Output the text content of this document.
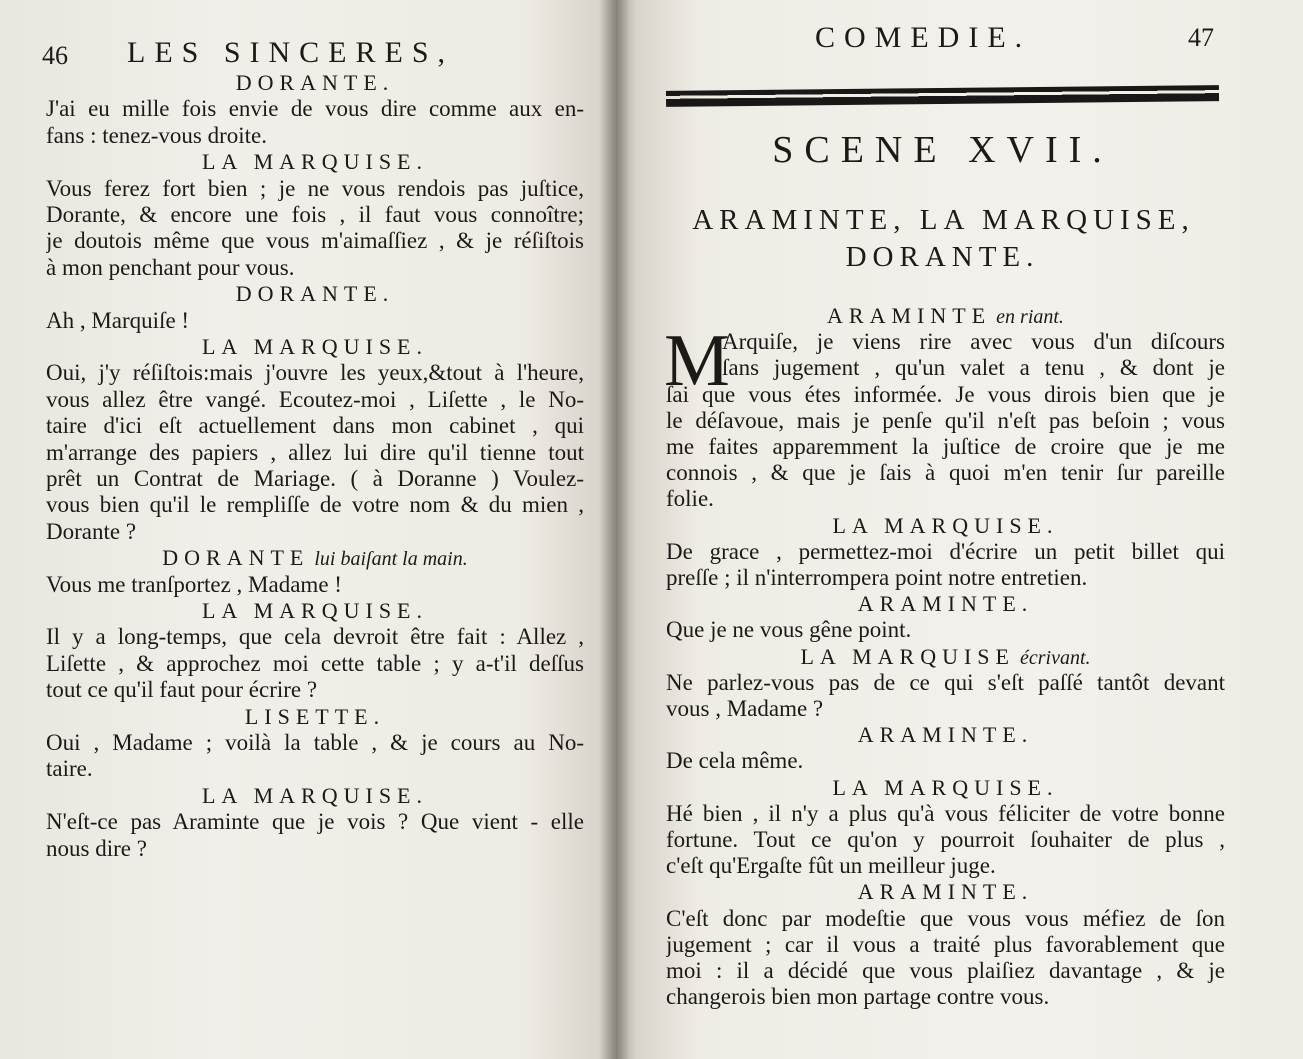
46 LES SINCERES,	COMEDIE.	47
SCENE XVII.
ARAMINTE, LA MARQUISE,
DORANTE.
M
DORANTE.
J'ai eu mille fois envie de vous dire comme aux en-
fans : tenez-vous droite.
LA MARQUISE.
Vous ferez fort bien ; je ne vous rendois pas juſtice,
Dorante, & encore une fois , il faut vous connoître;
je doutois même que vous m'aimaſſiez , & je réſiſtois
à mon penchant pour vous.
DORANTE.
Ah , Marquiſe !
LA MARQUISE.
Oui, j'y réſiſtois:mais j'ouvre les yeux,&tout à l'heure,
vous allez être vangé. Ecoutez-moi , Liſette , le No-
taire d'ici eſt actuellement dans mon cabinet , qui
m'arrange des papiers , allez lui dire qu'il tienne tout
prêt un Contrat de Mariage. ( à Doranne ) Voulez-
vous bien qu'il le rempliſſe de votre nom & du mien ,
Dorante ?
DORANTE lui baiſant la main.
Vous me tranſportez , Madame !
LA MARQUISE.
Il y a long-temps, que cela devroit être fait : Allez ,
Liſette , & approchez moi cette table ; y a-t'il deſſus
tout ce qu'il faut pour écrire ?
LISETTE.
Oui , Madame ; voilà la table , & je cours au No-
taire.
LA MARQUISE.
N'eſt-ce pas Araminte que je vois ? Que vient - elle
nous dire ?
ARAMINTE en riant.
Arquiſe, je viens rire avec vous d'un diſcours
ſans jugement , qu'un valet a tenu , & dont je
ſai que vous étes informée. Je vous dirois bien que je
le déſavoue, mais je penſe qu'il n'eſt pas beſoin ; vous
me faites apparemment la juſtice de croire que je me
connois , & que je ſais à quoi m'en tenir ſur pareille
folie.
LA MARQUISE.
De grace , permettez-moi d'écrire un petit billet qui
preſſe ; il n'interrompera point notre entretien.
ARAMINTE.
Que je ne vous gêne point.
LA MARQUISE écrivant.
Ne parlez-vous pas de ce qui s'eſt paſſé tantôt devant
vous , Madame ?
ARAMINTE.
De cela même.
LA MARQUISE.
Hé bien , il n'y a plus qu'à vous féliciter de votre bonne
fortune. Tout ce qu'on y pourroit ſouhaiter de plus ,
c'eſt qu'Ergaſte fût un meilleur juge.
ARAMINTE.
C'eſt donc par modeſtie que vous vous méfiez de ſon
jugement ; car il vous a traité plus favorablement que
moi : il a décidé que vous plaiſiez davantage , & je
changerois bien mon partage contre vous.
